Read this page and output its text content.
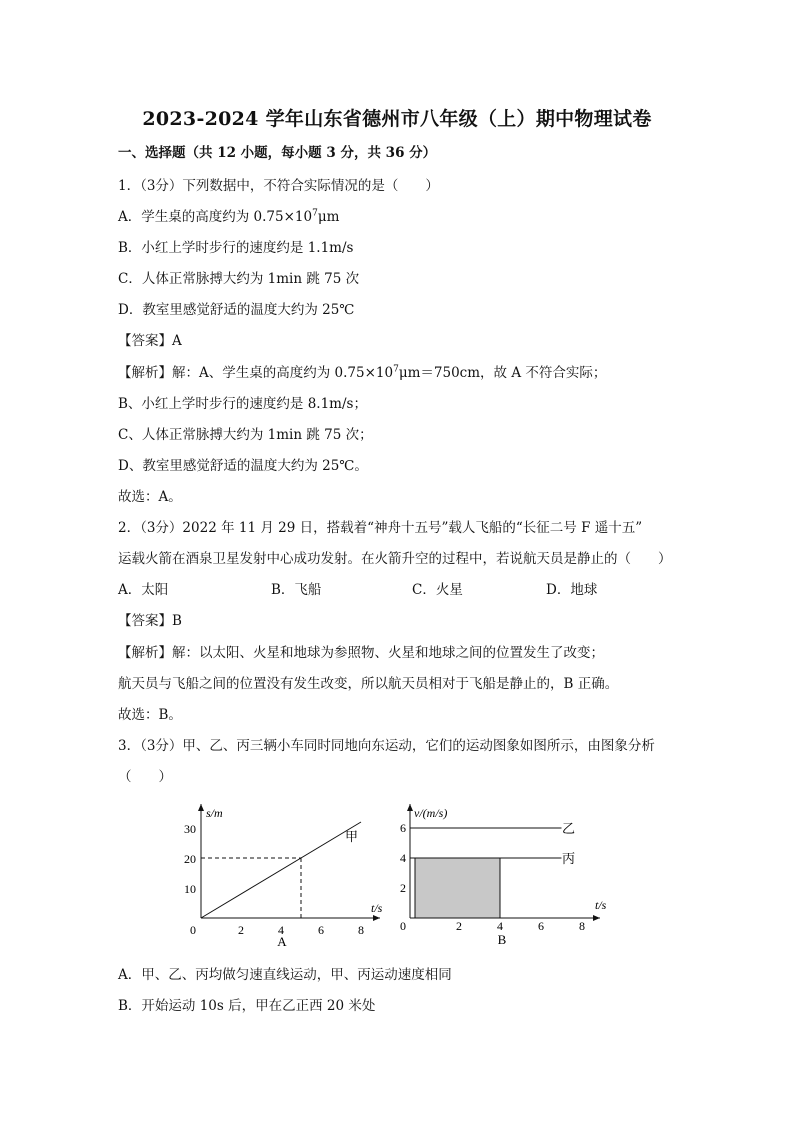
2023-2024 学年山东省德州市八年级（上）期中物理试卷
一、选择题（共 12 小题，每小题 3 分，共 36 分）
1．（3分）下列数据中，不符合实际情况的是（　　）
A．学生桌的高度约为 $0.75\times 10^7\mu m$
B．小红上学时步行的速度约是 1.1m/s
C．人体正常脉搏大约为 1min 跳 75 次
D．教室里感觉舒适的温度大约为 25℃
【答案】A
【解析】解：A、学生桌的高度约为 $0.75\times 10^7\mu m=750cm$，故 A 不符合实际；
B、小红上学时步行的速度约是 8.1m/s；
C、人体正常脉搏大约为 1min 跳 75 次；
D、教室里感觉舒适的温度大约为 25℃。
故选：A。
2．（3分）2022 年 11 月 29 日，搭载着“神舟十五号”载人飞船的“长征二号 F 遥十五”
运载火箭在酒泉卫星发射中心成功发射。在火箭升空的过程中，若说航天员是静止的（　　）
A．太阳	B．飞船	C．火星	D．地球
【答案】B
【解析】解：以太阳、火星和地球为参照物、火星和地球之间的位置发生了改变；
航天员与飞船之间的位置没有发生改变，所以航天员相对于飞船是静止的，B 正确。
故选：B。
3．（3分）甲、乙、丙三辆小车同时同地向东运动，它们的运动图象如图所示，由图象分析
（　　）
s/m
t/s
0	2	4	6	8
10
20
30	甲
A
v/(m/s)
t/s
0	2	4	6	8
2
4
6	乙
丙
B
A．甲、乙、丙均做匀速直线运动，甲、丙运动速度相同
B．开始运动 10s 后，甲在乙正西 20 米处
